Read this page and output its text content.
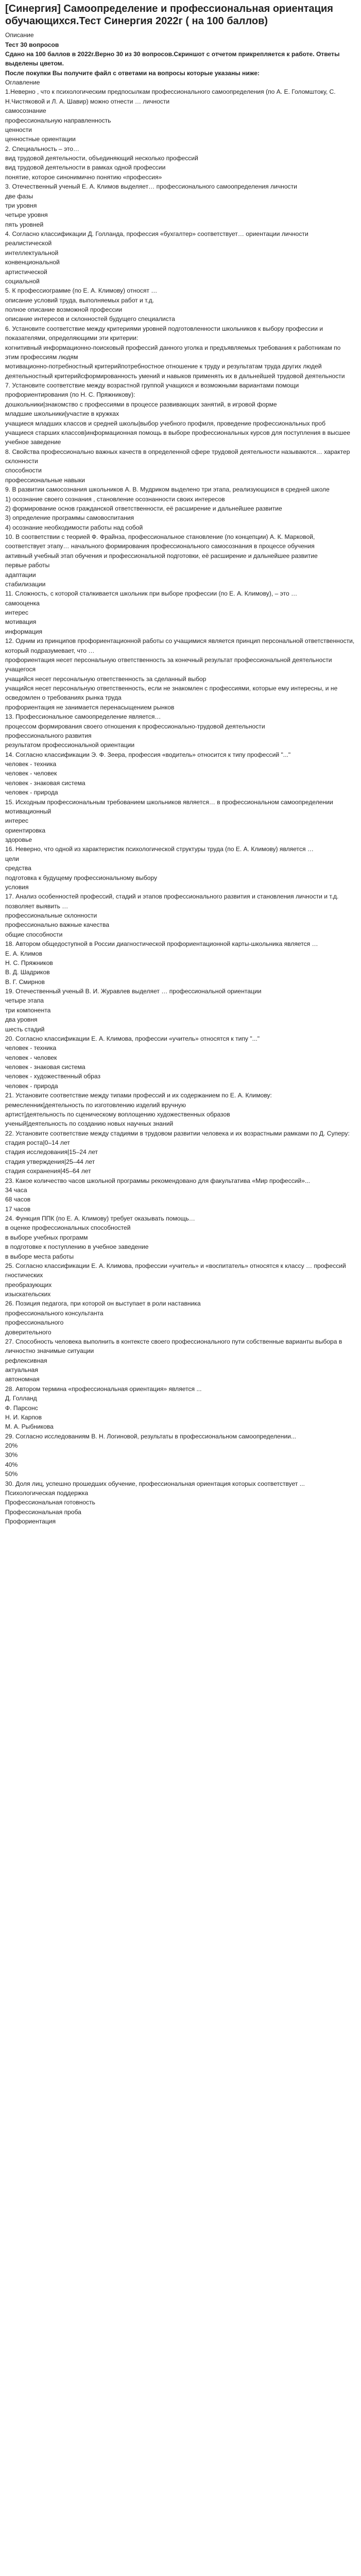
[Синергия] Самоопределение и профессиональная ориентация обучающихся.Тест Синергия 2022г ( на 100 баллов)
Описание
Тест 30 вопросов
Сдано на 100 баллов в 2022г.Верно 30 из 30 вопросов.Скриншот с отчетом прикрепляется к работе. Ответы выделены цветом.
После покупки Вы получите файл с ответами на вопросы которые указаны ниже:
Оглавление
1.Неверно , что к психологическим предпосылкам профессионального самоопределения (по А. Е. Голомштоку, С. Н.Чистяковой и Л. А. Шавир) можно отнести … личности
самосознание
профессиональную направленность
ценности
ценностные ориентации
2. Специальность – это…
вид трудовой деятельности, объединяющий несколько профессий
вид трудовой деятельности в рамках одной профессии
понятие, которое синонимично понятию «профессия»
3. Отечественный ученый Е. А. Климов выделяет… профессионального самоопределения личности
две фазы
три уровня
четыре уровня
пять уровней
4. Согласно классификации Д. Голланда, профессия «бухгалтер» соответствует… ориентации личности
реалистической
интеллектуальной
конвенциональной
артистической
социальной
5. К профессиограмме (по Е. А. Климову) относят …
описание условий труда, выполняемых работ и т.д.
полное описание возможной профессии
описание интересов и склонностей будущего специалиста
6. Установите соответствие между критериями уровней подготовленности школьников к выбору профессии и показателями, определяющими эти критерии:
когнитивный информационно-поисковый профессий данного уголка и предъявляемых требования к работникам по этим профессиям людям
мотивационно-потребностный критерийпотребностное отношение к труду и результатам труда других людей
деятельностный критерийсформированность умений и навыков применять их в дальнейшей трудовой деятельности
7. Установите соответствие между возрастной группой учащихся и возможными вариантами помощи профориентирования (по Н. С. Пряжникову):
дошкольники|знакомство с профессиями в процессе развивающих занятий, в игровой форме
младшие школьники|участие в кружках
учащиеся младших классов и средней школы|выбор учебного профиля, проведение профессиональных проб
учащиеся старших классов|информационная помощь в выборе профессиональных курсов для поступления в высшее учебное заведение
8. Свойства профессионально важных качеств в определенной сфере трудовой деятельности называются… характер
склонности
способности
профессиональные навыки
9. В развитии самосознания школьников А. В. Мудриком выделено три этапа, реализующихся в средней школе
1) осознание своего сознания , становление осознанности своих интересов
2) формирование основ гражданской ответственности, её расширение и дальнейшее развитие
3) определение программы самовоспитания
4) осознание необходимости работы над собой
10. В соответствии с теорией Ф. Фрайнза, профессиональное становление (по концепции) А. К. Марковой, соответствует этапу… начального формирования профессионального самосознания в процессе обучения
активный учебный этап обучения и профессиональной подготовки, её расширение и дальнейшее развитие
первые работы
адаптации
стабилизации
11. Сложность, с которой сталкивается школьник при выборе профессии (по Е. А. Климову), – это …
самооценка
интерес
мотивация
информация
12. Одним из принципов профориентационной работы со учащимися является принцип персональной ответственности, который подразумевает, что …
профориентация несет персональную ответственность за конечный результат профессиональной деятельности учащегося
учащийся несет персональную ответственность за сделанный выбор
учащийся несет персональную ответственность, если не знакомлен с профессиями, которые ему интересны, и не осведомлен о требованиях рынка труда
профориентация не занимается перенасыщением рынков
13. Профессиональное самоопределение является…
процессом формирования своего отношения к профессионально-трудовой деятельности
профессионального развития
результатом профессиональной ориентации
14. Согласно классификации Э. Ф. Зеера, профессия «водитель» относится к типу профессий "..."
человек - техника
человек - человек
человек - знаковая система
человек - природа
15. Исходным профессиональным требованием школьников является… в профессиональном самоопределении
мотивационный
интерес
ориентировка
здоровье
16. Неверно, что одной из характеристик психологической структуры труда (по Е. А. Климову) является …
цели
средства
подготовка к будущему профессиональному выбору
условия
17. Анализ особенностей профессий, стадий и этапов профессионального развития и становления личности и т.д. позволяет выявить …
профессиональные склонности
профессионально важные качества
общие способности
18. Автором общедоступной в России диагностической профориентационной карты-школьника является …
Е. А. Климов
Н. С. Пряжников
В. Д. Шадриков
В. Г. Смирнов
19. Отечественный ученый В. И. Журавлев выделяет … профессиональной ориентации
четыре этапа
три компонента
два уровня
шесть стадий
20. Согласно классификации Е. А. Климова, профессии «учитель» относятся к типу "..."
человек - техника
человек - человек
человек - знаковая система
человек - художественный образ
человек - природа
21. Установите соответствие между типами профессий и их содержанием по Е. А. Климову:
ремесленник|деятельность по изготовлению изделий вручную
артист|деятельность по сценическому воплощению художественных образов
ученый|деятельность по созданию новых научных знаний
22. Установите соответствие между стадиями в трудовом развитии человека и их возрастными рамками по Д. Суперу:
стадия роста|0–14 лет
стадия исследования|15–24 лет
стадия утверждения|25–44 лет
стадия сохранения|45–64 лет
23. Какое количество часов школьной программы рекомендовано для факультатива «Мир профессий»...
34 часа
68 часов
17 часов
24. Функция ППК (по Е. А. Климову) требует оказывать помощь…
в оценке профессиональных способностей
в выборе учебных программ
в подготовке к поступлению в учебное заведение
в выборе места работы
25. Согласно классификации Е. А. Климова, профессии «учитель» и «воспитатель» относятся к классу … профессий
гностических
преобразующих
изыскательских
26. Позиция педагога, при которой он выступает в роли наставника
профессионального консультанта
профессионального
доверительного
27. Способность человека выполнить в контексте своего профессионального пути собственные варианты выбора в личностно значимые ситуации
рефлексивная
актуальная
автономная
28. Автором термина «профессиональная ориентация» является ...
Д. Голланд
Ф. Парсонс
Н. И. Карпов
М. А. Рыбникова
29. Согласно исследованиям В. Н. Логиновой, результаты в профессиональном самоопределении...
20%
30%
40%
50%
30. Доля лиц, успешно прошедших обучение, профессиональная ориентация которых соответствует ...
Психологическая поддержка
Профессиональная готовность
Профессиональная проба
Профориентация
